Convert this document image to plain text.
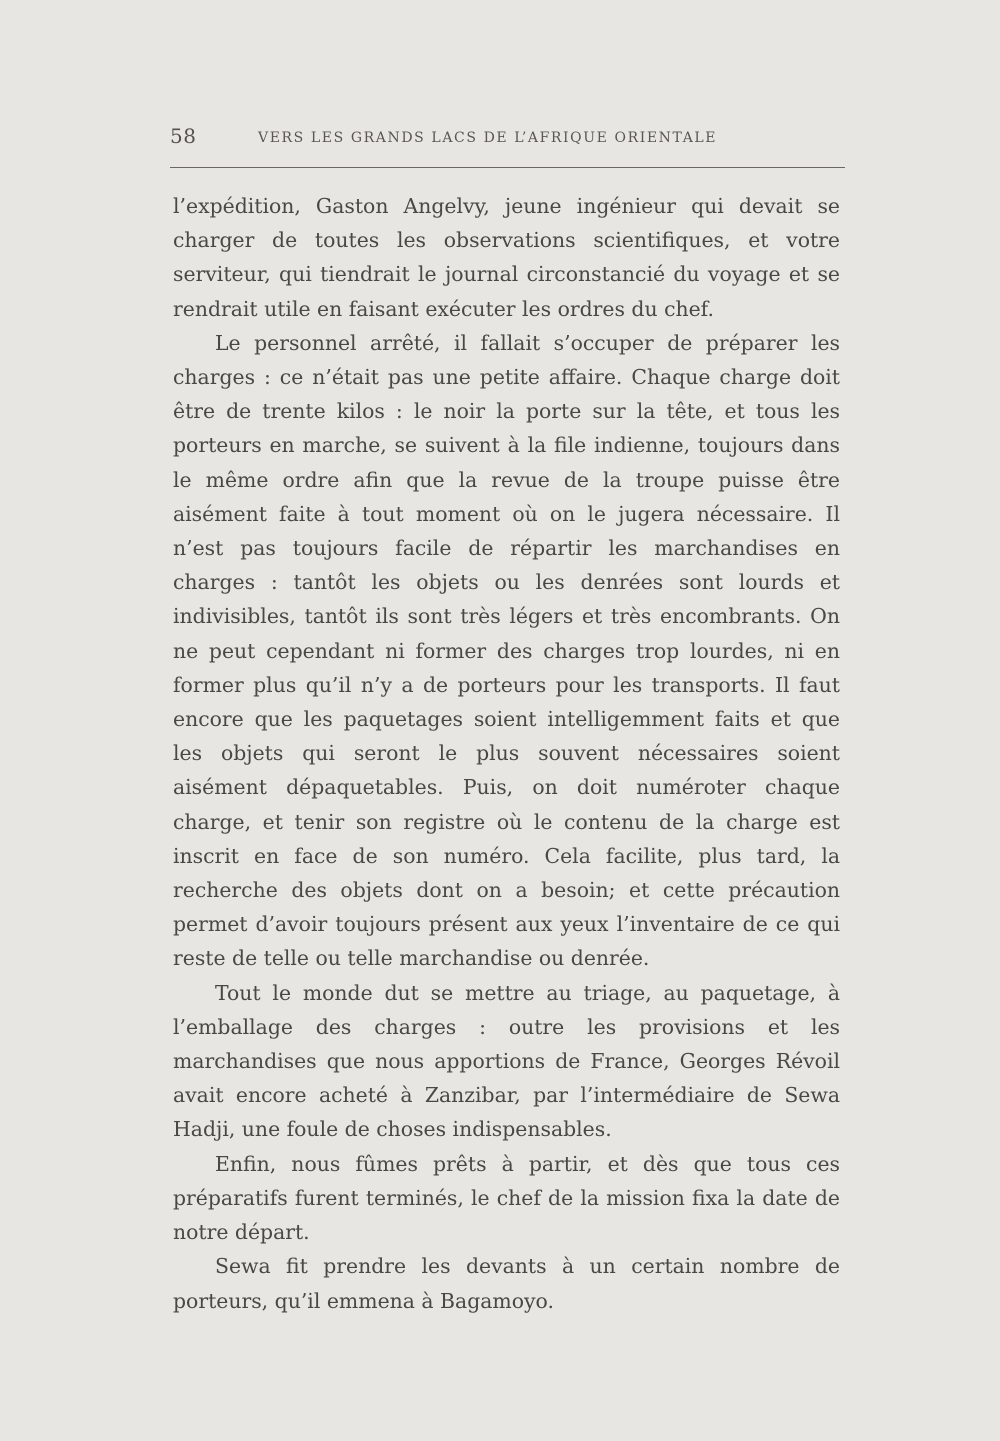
58	VERS LES GRANDS LACS DE L’AFRIQUE ORIENTALE

l’expédition, Gaston Angelvy, jeune ingénieur qui devait se charger de toutes les observations scientifiques, et votre serviteur, qui tiendrait le journal circonstancié du voyage et se rendrait utile en faisant exécuter les ordres du chef.

Le personnel arrêté, il fallait s’occuper de préparer les charges : ce n’était pas une petite affaire. Chaque charge doit être de trente kilos : le noir la porte sur la tête, et tous les porteurs en marche, se suivent à la file indienne, toujours dans le même ordre afin que la revue de la troupe puisse être aisément faite à tout moment où on le jugera nécessaire. Il n’est pas toujours facile de répartir les marchandises en charges : tantôt les objets ou les denrées sont lourds et indivisibles, tantôt ils sont très légers et très encombrants. On ne peut cependant ni former des charges trop lourdes, ni en former plus qu’il n’y a de porteurs pour les transports. Il faut encore que les paquetages soient intelligemment faits et que les objets qui seront le plus souvent nécessaires soient aisément dépaquetables. Puis, on doit numéroter chaque charge, et tenir son registre où le contenu de la charge est inscrit en face de son numéro. Cela facilite, plus tard, la recherche des objets dont on a besoin; et cette précaution permet d’avoir toujours présent aux yeux l’inventaire de ce qui reste de telle ou telle marchandise ou denrée.

Tout le monde dut se mettre au triage, au paquetage, à l’emballage des charges : outre les provisions et les marchandises que nous apportions de France, Georges Révoil avait encore acheté à Zanzibar, par l’intermédiaire de Sewa Hadji, une foule de choses indispensables.

Enfin, nous fûmes prêts à partir, et dès que tous ces préparatifs furent terminés, le chef de la mission fixa la date de notre départ.

Sewa fit prendre les devants à un certain nombre de porteurs, qu’il emmena à Bagamoyo.
